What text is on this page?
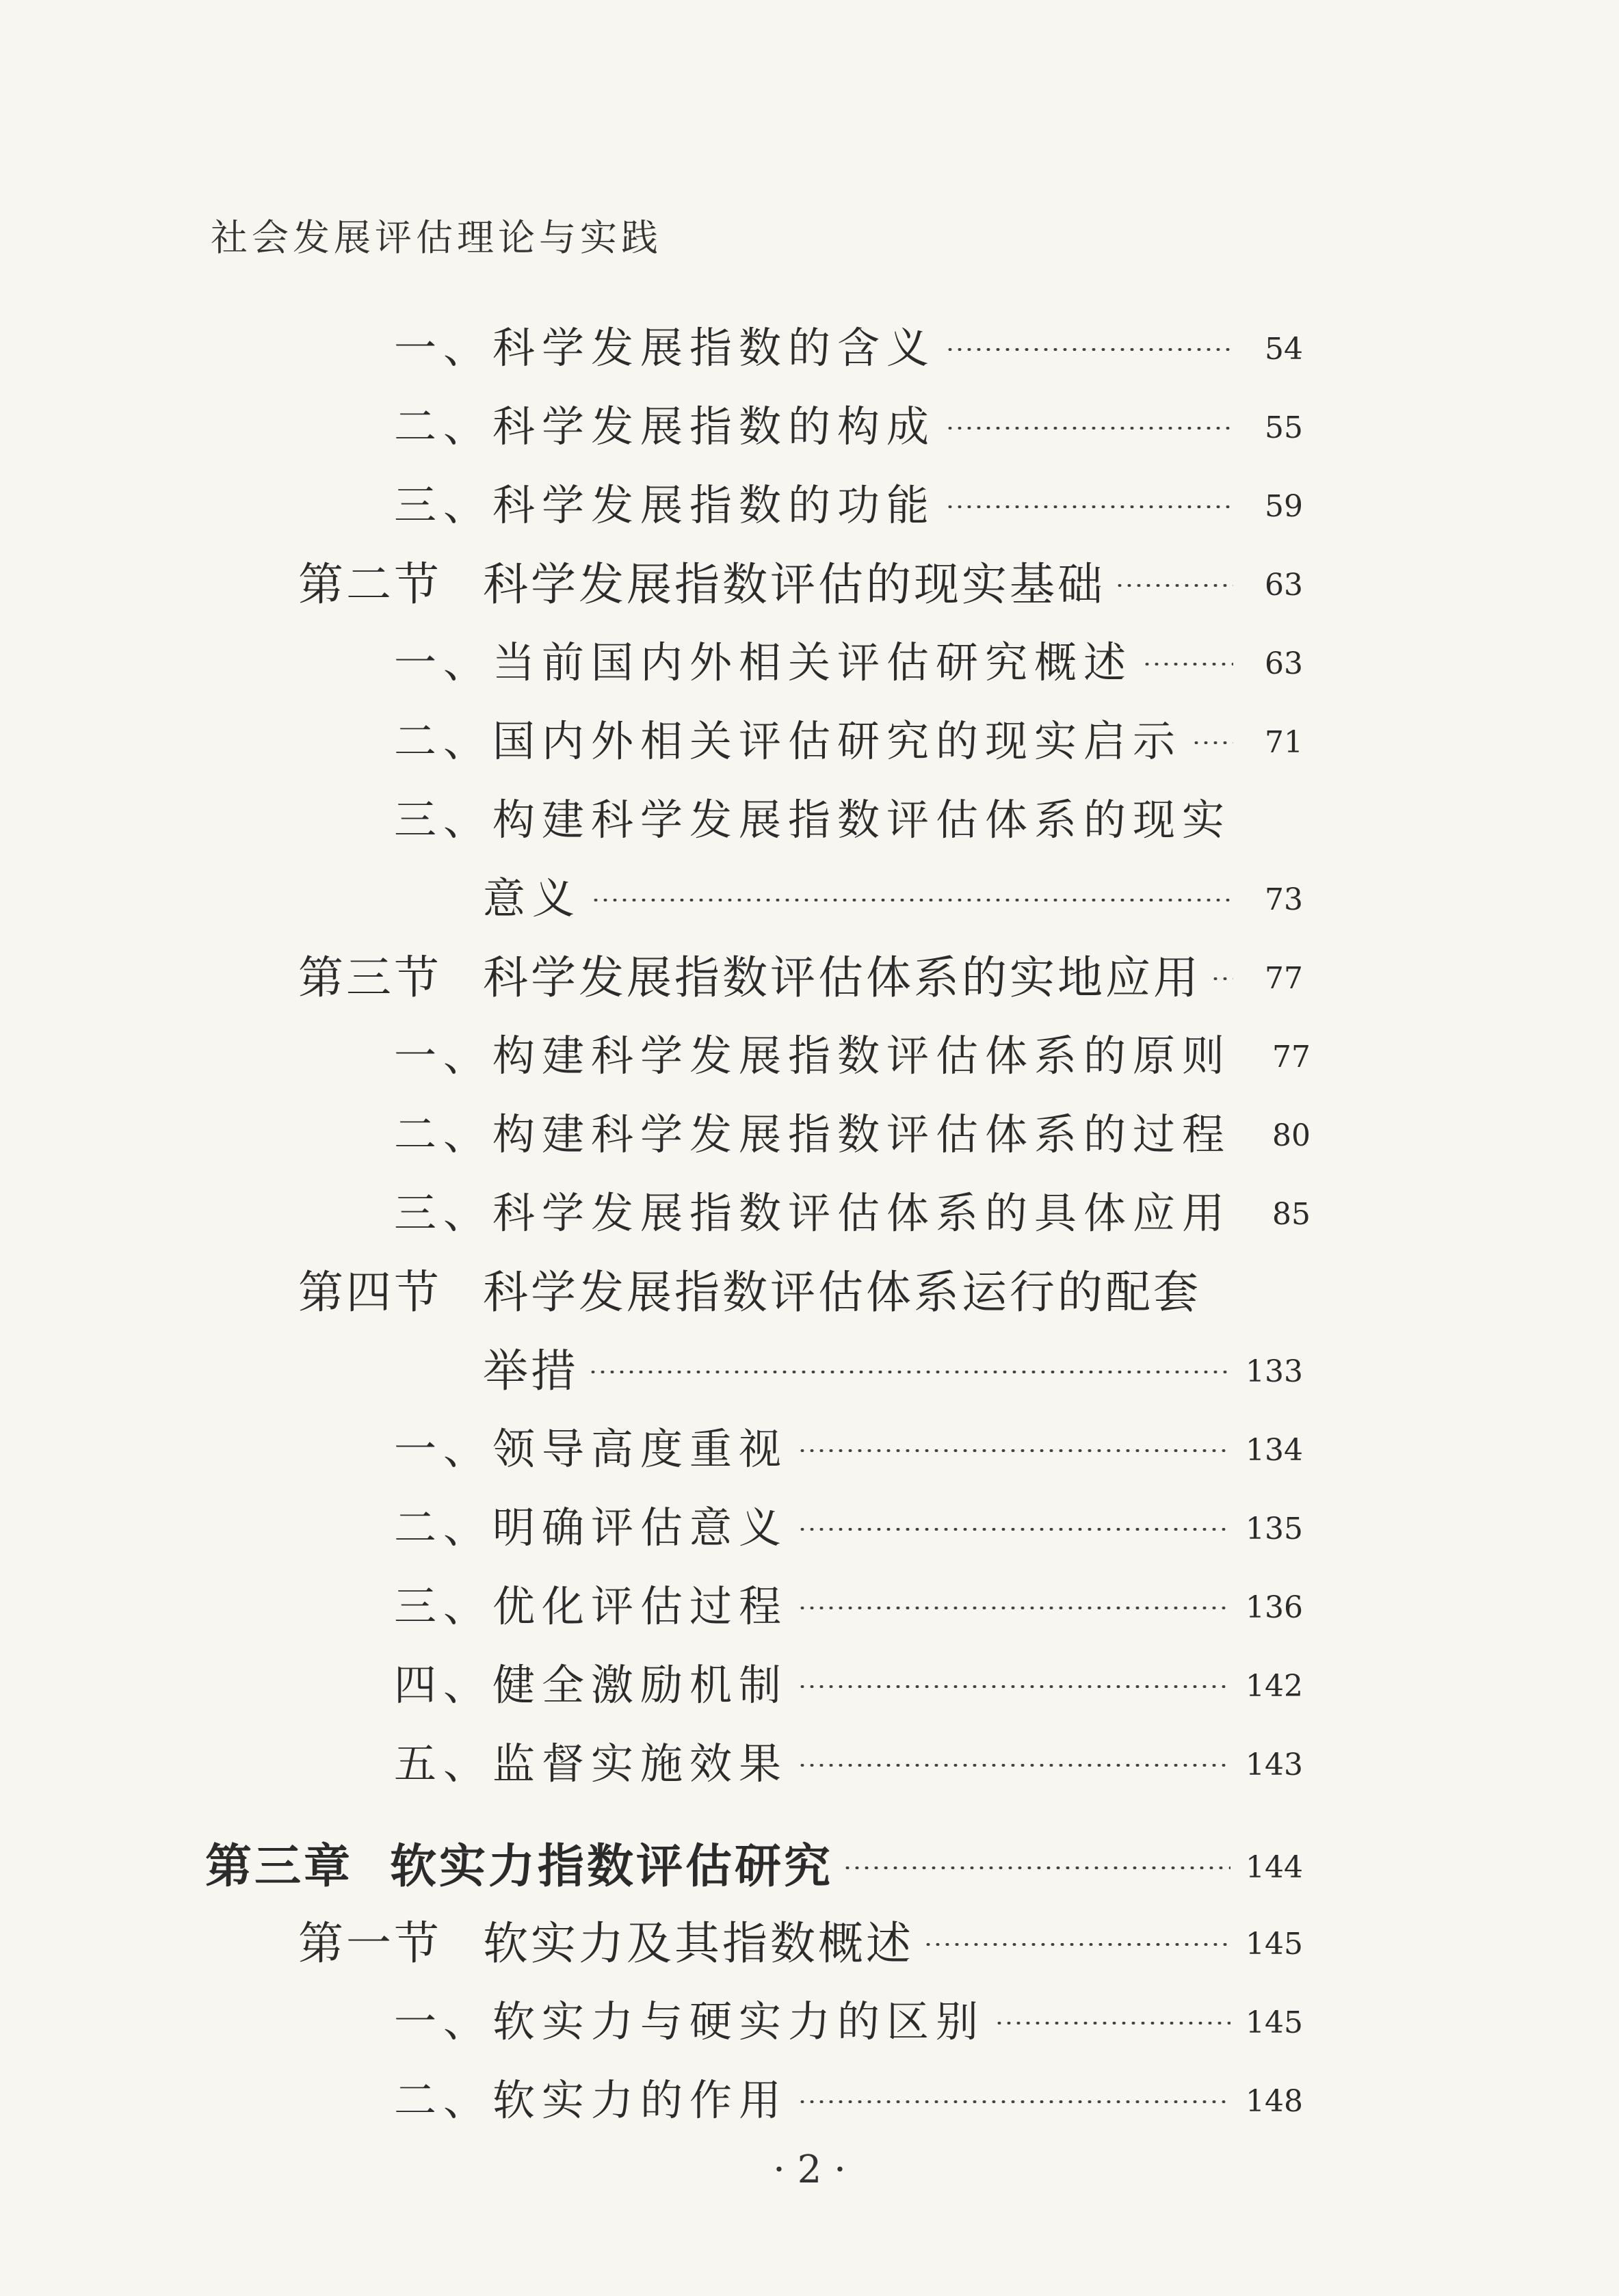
社会发展评估理论与实践
一、科学发展指数的含义	54
二、科学发展指数的构成	55
三、科学发展指数的功能	59
第二节 科学发展指数评估的现实基础	63
一、当前国内外相关评估研究概述	63
二、国内外相关评估研究的现实启示	71
三、构建科学发展指数评估体系的现实
意义	73
第三节 科学发展指数评估体系的实地应用	77
一、构建科学发展指数评估体系的原则	77
二、构建科学发展指数评估体系的过程	80
三、科学发展指数评估体系的具体应用	85
第四节 科学发展指数评估体系运行的配套
举措	133
一、领导高度重视	134
二、明确评估意义	135
三、优化评估过程	136
四、健全激励机制	142
五、监督实施效果	143
第三章 软实力指数评估研究	144
第一节 软实力及其指数概述	145
一、软实力与硬实力的区别	145
二、软实力的作用	148
· 2 ·
